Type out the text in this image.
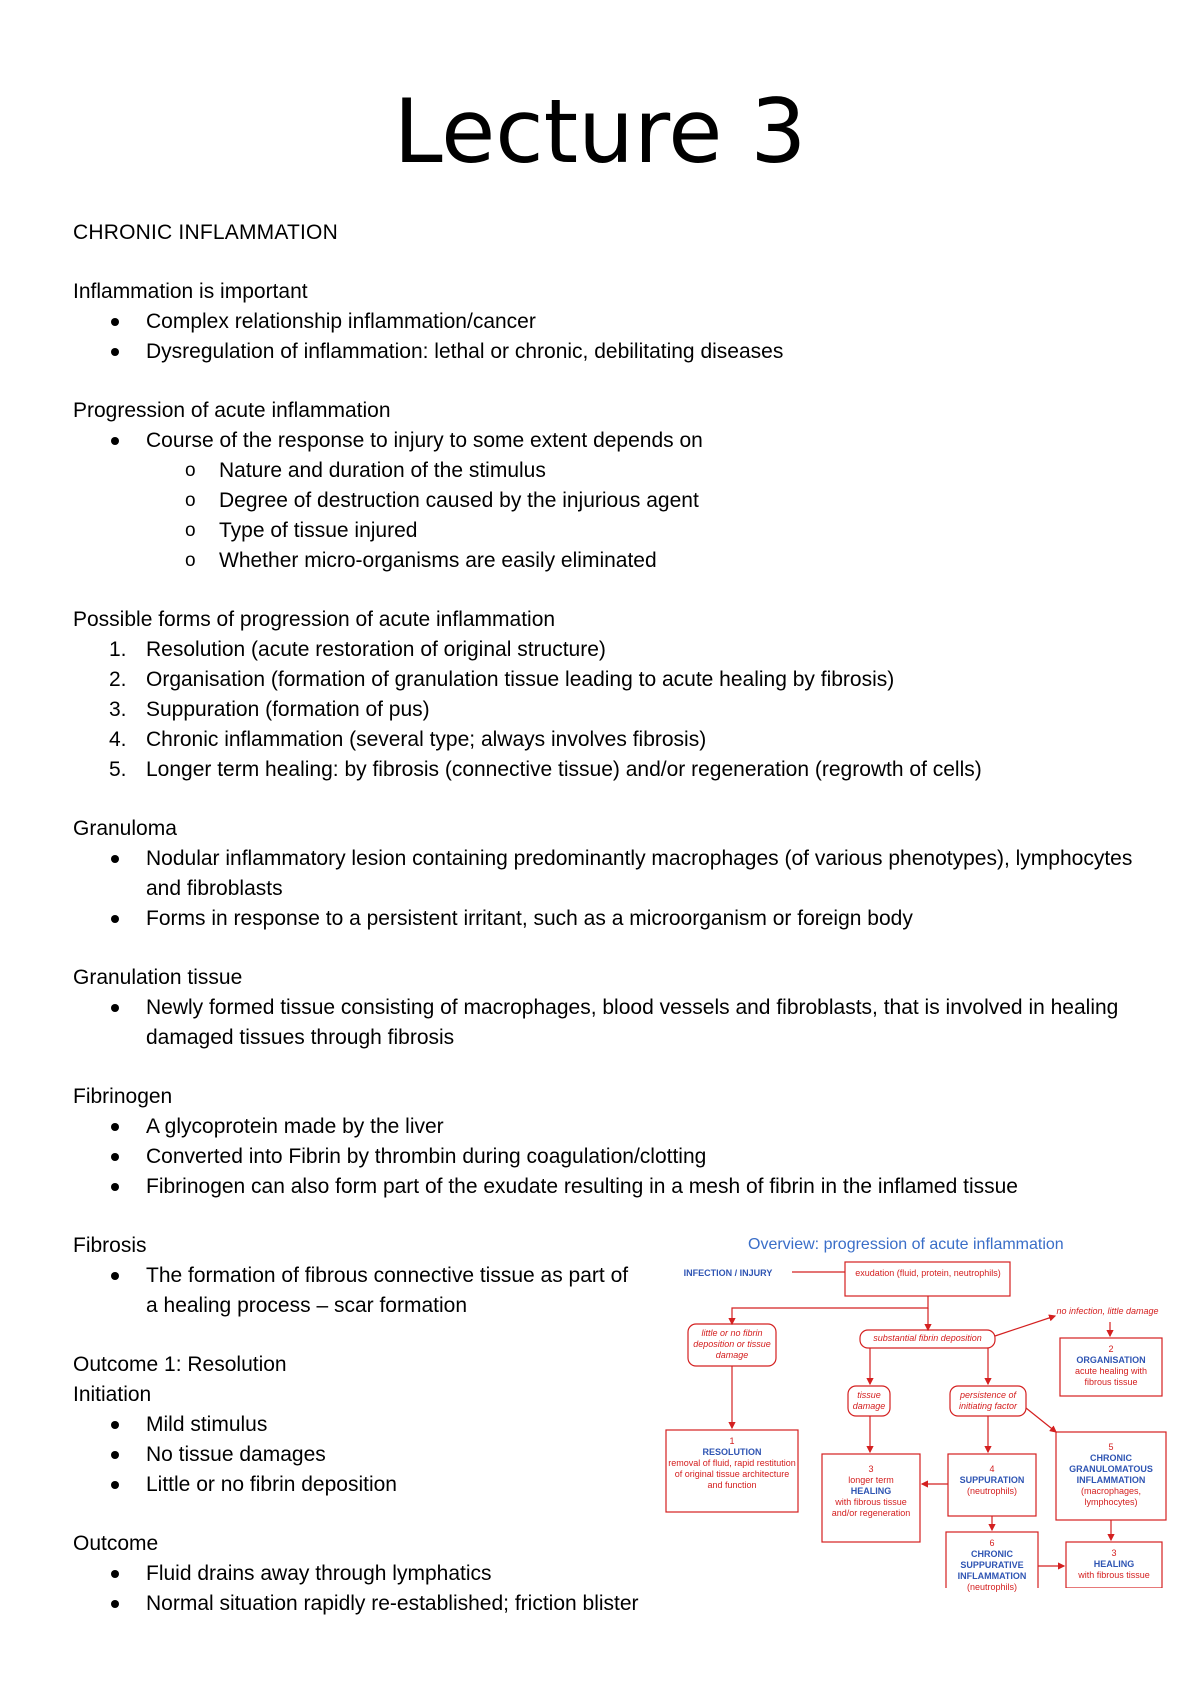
Lecture 3
CHRONIC INFLAMMATION
Inflammation is important
Complex relationship inflammation/cancer
Dysregulation of inflammation: lethal or chronic, debilitating diseases
Progression of acute inflammation
Course of the response to injury to some extent depends on
o Nature and duration of the stimulus
o Degree of destruction caused by the injurious agent
o Type of tissue injured
o Whether micro-organisms are easily eliminated
Possible forms of progression of acute inflammation
1. Resolution (acute restoration of original structure)
2. Organisation (formation of granulation tissue leading to acute healing by fibrosis)
3. Suppuration (formation of pus)
4. Chronic inflammation (several type; always involves fibrosis)
5. Longer term healing: by fibrosis (connective tissue) and/or regeneration (regrowth of cells)
Granuloma
Nodular inflammatory lesion containing predominantly macrophages (of various phenotypes), lymphocytes and fibroblasts
Forms in response to a persistent irritant, such as a microorganism or foreign body
Granulation tissue
Newly formed tissue consisting of macrophages, blood vessels and fibroblasts, that is involved in healing damaged tissues through fibrosis
Fibrinogen
A glycoprotein made by the liver
Converted into Fibrin by thrombin during coagulation/clotting
Fibrinogen can also form part of the exudate resulting in a mesh of fibrin in the inflamed tissue
Fibrosis
The formation of fibrous connective tissue as part of a healing process – scar formation
Outcome 1: Resolution
Initiation
Mild stimulus
No tissue damages
Little or no fibrin deposition
Outcome
Fluid drains away through lymphatics
Normal situation rapidly re-established; friction blister
Overview: progression of acute inflammation
INFECTION / INJURY	exudation (fluid, protein, neutrophils)
little or no fibrin deposition or tissue damage
substantial fibrin deposition
no infection, little damage
tissue damage
persistence of initiating factor
1
RESOLUTION
removal of fluid, rapid restitution of original tissue architecture and function
2
ORGANISATION
acute healing with fibrous tissue
3
longer term
HEALING
with fibrous tissue and/or regeneration
4
SUPPURATION
(neutrophils)
5
CHRONIC GRANULOMATOUS INFLAMMATION
(macrophages, lymphocytes)
6
CHRONIC SUPPURATIVE INFLAMMATION
(neutrophils)
3
HEALING
with fibrous tissue
